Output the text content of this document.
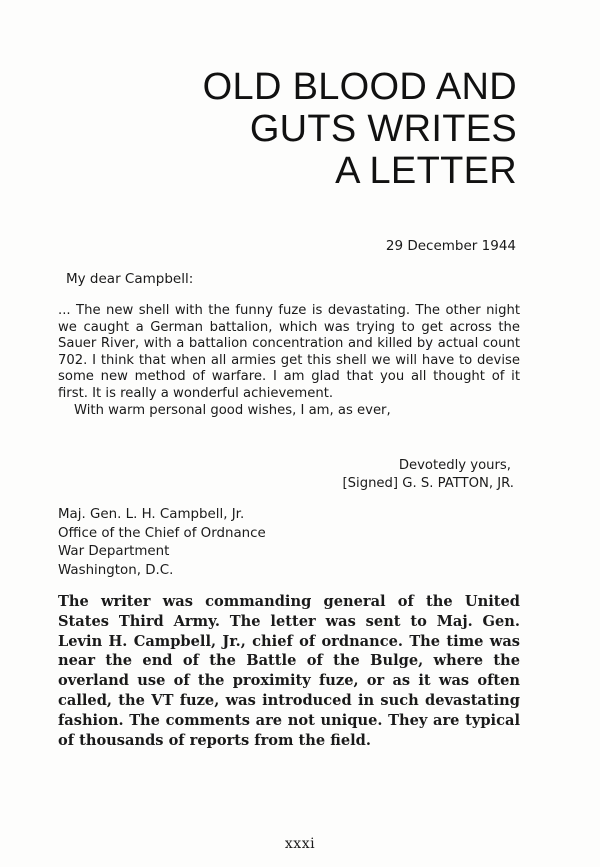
OLD BLOOD AND
GUTS WRITES
A LETTER
29 December 1944
My dear Campbell:

... The new shell with the funny fuze is devastating. The other night we caught a German battalion, which was trying to get across the Sauer River, with a battalion concentration and killed by actual count 702. I think that when all armies get this shell we will have to devise some new method of warfare. I am glad that you all thought of it first. It is really a wonderful achievement.

With warm personal good wishes, I am, as ever,

Devotedly yours,
[Signed] G. S. PATTON, JR.
Maj. Gen. L. H. Campbell, Jr.
Office of the Chief of Ordnance
War Department
Washington, D.C.

The writer was commanding general of the United States Third Army. The letter was sent to Maj. Gen. Levin H. Campbell, Jr., chief of ordnance. The time was near the end of the Battle of the Bulge, where the overland use of the proximity fuze, or as it was often called, the VT fuze, was introduced in such devastating fashion. The comments are not unique. They are typical of thousands of reports from the field.

xxxi
